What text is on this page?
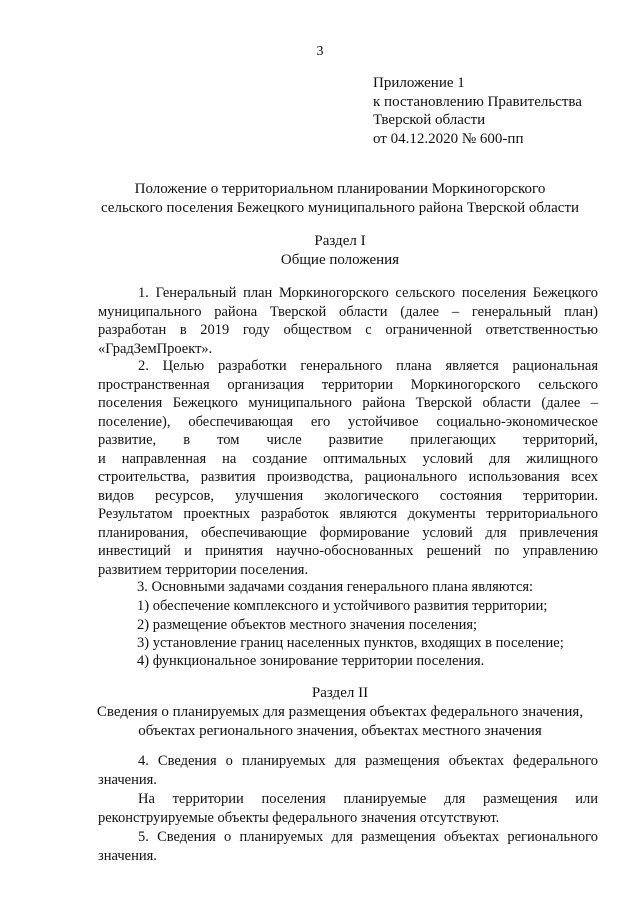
3
Приложение 1
к постановлению Правительства
Тверской области
от 04.12.2020 № 600-пп
Положение о территориальном планировании Моркиногорского
сельского поселения Бежецкого муниципального района Тверской области
Раздел I
Общие положения
1. Генеральный план Моркиногорского сельского поселения Бежецкого
муниципального района Тверской области (далее – генеральный план)
разработан в 2019 году обществом с ограниченной ответственностью
«ГрадЗемПроект».
2. Целью разработки генерального плана является рациональная
пространственная организация территории Моркиногорского сельского
поселения Бежецкого муниципального района Тверской области (далее –
поселение), обеспечивающая его устойчивое социально-экономическое
развитие, в том числе развитие прилегающих территорий,
и направленная на создание оптимальных условий для жилищного
строительства, развития производства, рационального использования всех
видов ресурсов, улучшения экологического состояния территории.
Результатом проектных разработок являются документы территориального
планирования, обеспечивающие формирование условий для привлечения
инвестиций и принятия научно-обоснованных решений по управлению
развитием территории поселения.
3. Основными задачами создания генерального плана являются:
1) обеспечение комплексного и устойчивого развития территории;
2) размещение объектов местного значения поселения;
3) установление границ населенных пунктов, входящих в поселение;
4) функциональное зонирование территории поселения.
Раздел II
Сведения о планируемых для размещения объектах федерального значения,
объектах регионального значения, объектах местного значения
4. Сведения о планируемых для размещения объектах федерального
значения.
На территории поселения планируемые для размещения или
реконструируемые объекты федерального значения отсутствуют.
5. Сведения о планируемых для размещения объектах регионального
значения.
